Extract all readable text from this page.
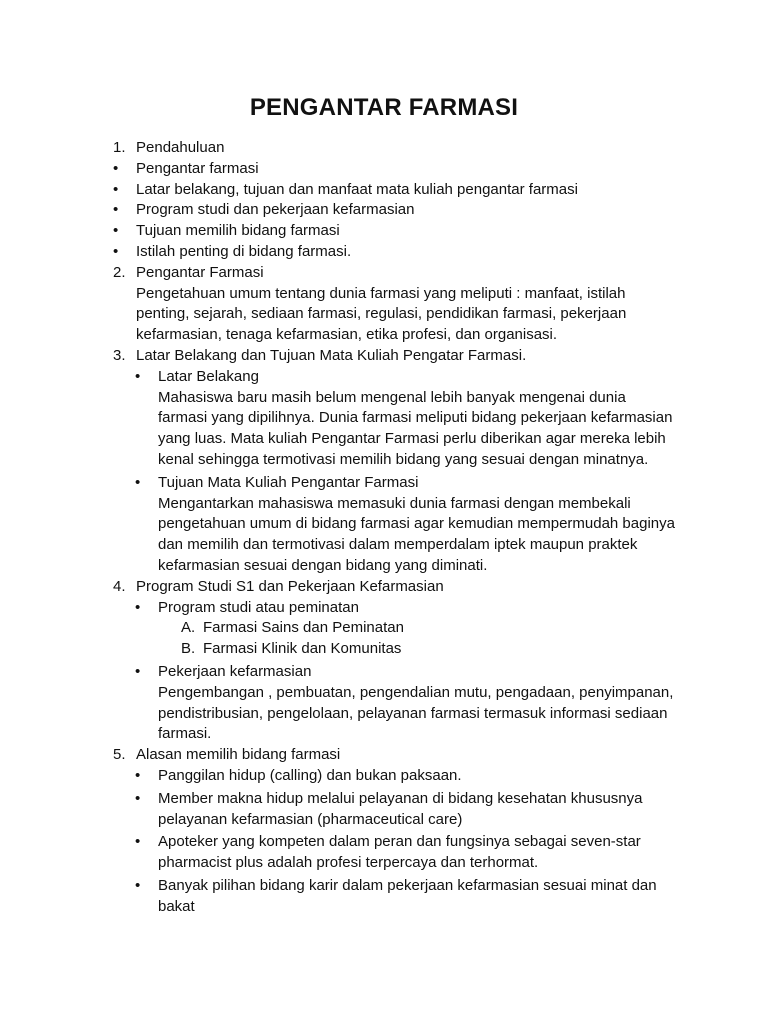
PENGANTAR FARMASI
1. Pendahuluan
• Pengantar farmasi
• Latar belakang, tujuan dan manfaat mata kuliah pengantar farmasi
• Program studi dan pekerjaan kefarmasian
• Tujuan memilih bidang farmasi
• Istilah penting di bidang farmasi.
2. Pengantar Farmasi
Pengetahuan umum tentang dunia farmasi yang meliputi : manfaat, istilah
penting, sejarah, sediaan farmasi, regulasi, pendidikan farmasi, pekerjaan
kefarmasian, tenaga kefarmasian, etika profesi, dan organisasi.
3. Latar Belakang dan Tujuan Mata Kuliah Pengatar Farmasi.
• Latar Belakang
Mahasiswa baru masih belum mengenal lebih banyak mengenai dunia
farmasi yang dipilihnya. Dunia farmasi meliputi bidang pekerjaan kefarmasian
yang luas. Mata kuliah Pengantar Farmasi perlu diberikan agar mereka lebih
kenal sehingga termotivasi memilih bidang yang sesuai dengan minatnya.
• Tujuan Mata Kuliah Pengantar Farmasi
Mengantarkan mahasiswa memasuki dunia farmasi dengan membekali
pengetahuan umum di bidang farmasi agar kemudian mempermudah baginya
dan memilih dan termotivasi dalam memperdalam iptek maupun praktek
kefarmasian sesuai dengan bidang yang diminati.
4. Program Studi S1 dan Pekerjaan Kefarmasian
• Program studi atau peminatan
A. Farmasi Sains dan Peminatan
B. Farmasi Klinik dan Komunitas
• Pekerjaan kefarmasian
Pengembangan , pembuatan, pengendalian mutu, pengadaan, penyimpanan,
pendistribusian, pengelolaan, pelayanan farmasi termasuk informasi sediaan
farmasi.
5. Alasan memilih bidang farmasi
• Panggilan hidup (calling) dan bukan paksaan.
• Member makna hidup melalui pelayanan di bidang kesehatan khususnya
pelayanan kefarmasian (pharmaceutical care)
• Apoteker yang kompeten dalam peran dan fungsinya sebagai seven-star
pharmacist plus adalah profesi terpercaya dan terhormat.
• Banyak pilihan bidang karir dalam pekerjaan kefarmasian sesuai minat dan
bakat
